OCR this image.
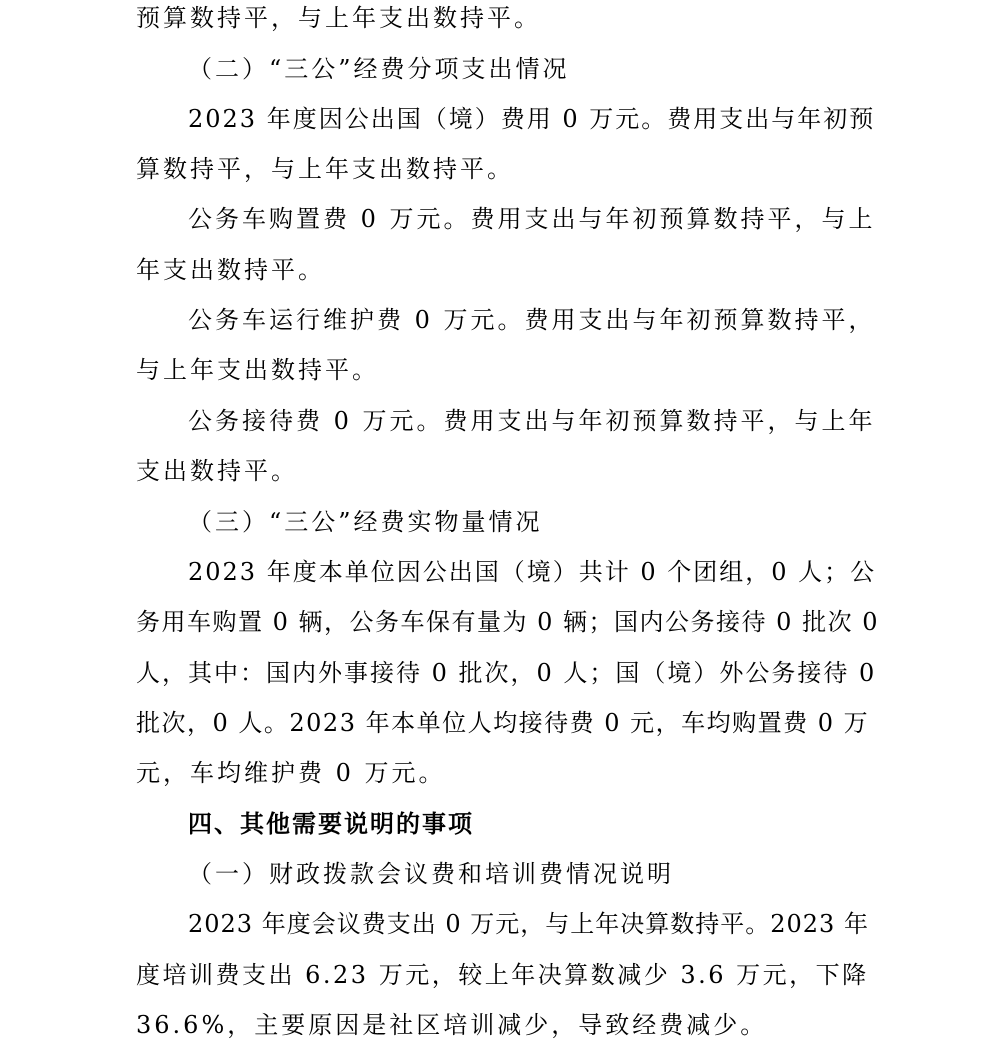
预算数持平，与上年支出数持平。
（二）“三公”经费分项支出情况
2023 年度因公出国（境）费用 0 万元。费用支出与年初预
算数持平，与上年支出数持平。
公务车购置费 0 万元。费用支出与年初预算数持平，与上
年支出数持平。
公务车运行维护费 0 万元。费用支出与年初预算数持平，
与上年支出数持平。
公务接待费 0 万元。费用支出与年初预算数持平，与上年
支出数持平。
（三）“三公”经费实物量情况
2023 年度本单位因公出国（境）共计 0 个团组，0 人；公
务用车购置 0 辆，公务车保有量为 0 辆；国内公务接待 0 批次 0
人，其中：国内外事接待 0 批次，0 人；国（境）外公务接待 0
批次，0 人。2023 年本单位人均接待费 0 元，车均购置费 0 万
元，车均维护费 0 万元。
四、其他需要说明的事项
（一）财政拨款会议费和培训费情况说明
2023 年度会议费支出 0 万元，与上年决算数持平。2023 年
度培训费支出 6.23 万元，较上年决算数减少 3.6 万元，下降
36.6%，主要原因是社区培训减少，导致经费减少。
